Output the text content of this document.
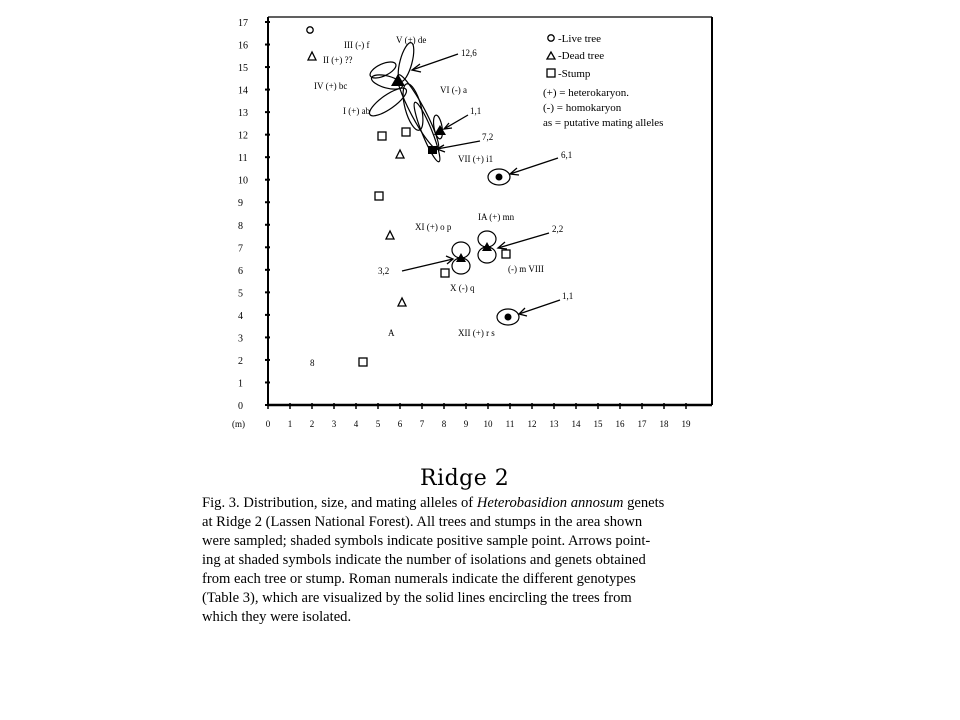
0
1
2
3
4
5
6
7
8
9
10
11
12
13
14
15
16
17
0 1 2 3 4 5 6 7 8 9 10 11 12 13 14 15 16 17 18 19
(m)
V (+) de
III (-) f
II (+) ??
IV (+) bc	VI (-) a
I (+) ab
VII (+) i1
XI (+) o p
IA (+) mn
(-) m VIII
X (-) q
XII (+) r s
A
8
12,6
1,1
7,2
6,1
2,2
3,2
1,1
-Live tree
-Dead tree
-Stump
(+) = heterokaryon.
(-) = homokaryon
as = putative mating alleles
Ridge 2
Fig. 3. Distribution, size, and mating alleles of Heterobasidion annosum genets
at Ridge 2 (Lassen National Forest). All trees and stumps in the area shown
were sampled; shaded symbols indicate positive sample point. Arrows point-
ing at shaded symbols indicate the number of isolations and genets obtained
from each tree or stump. Roman numerals indicate the different genotypes
(Table 3), which are visualized by the solid lines encircling the trees from
which they were isolated.
